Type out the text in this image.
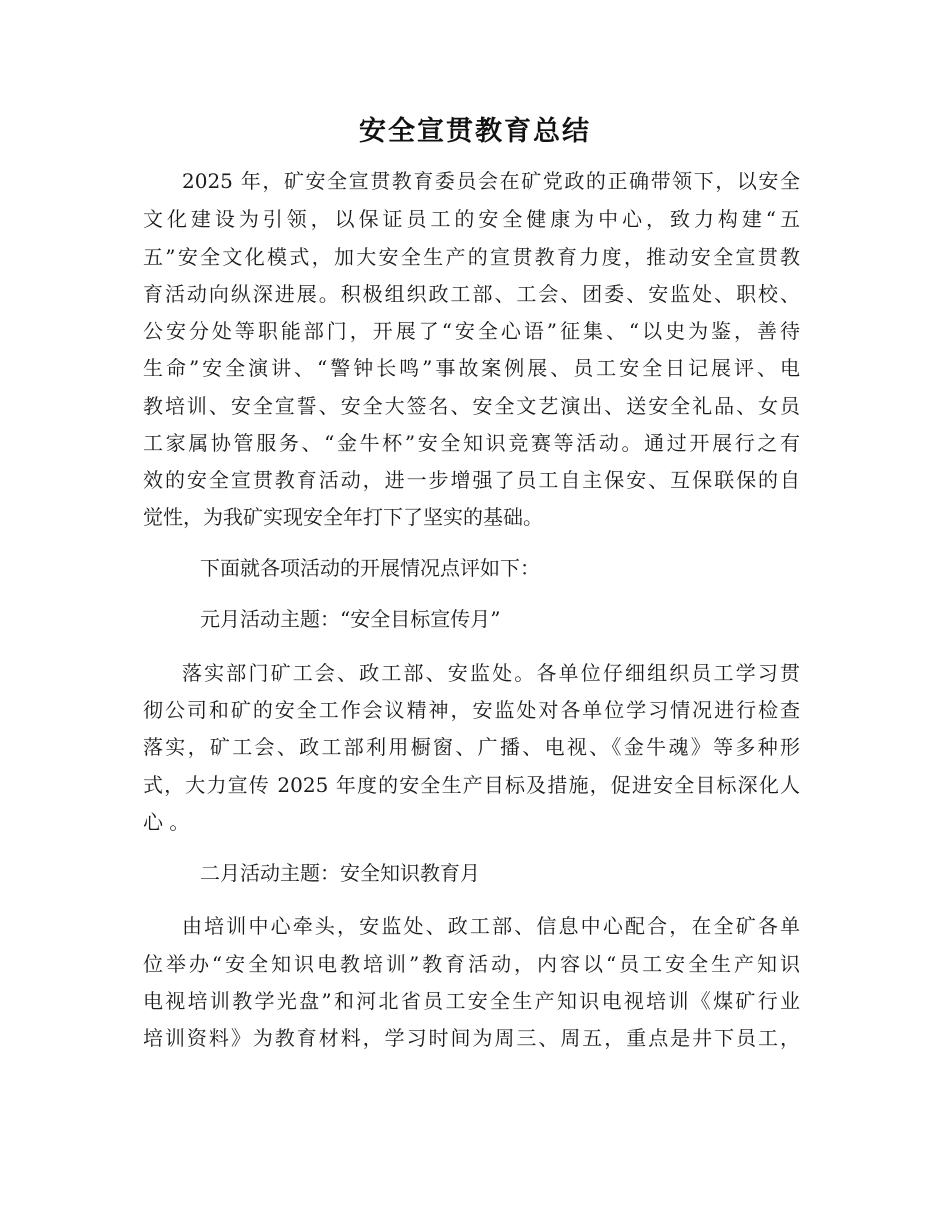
安全宣贯教育总结
2025 年，矿安全宣贯教育委员会在矿党政的正确带领下，以安全
文化建设为引领，以保证员工的安全健康为中心，致力构建“五
五”安全文化模式，加大安全生产的宣贯教育力度，推动安全宣贯教
育活动向纵深进展。积极组织政工部、工会、团委、安监处、职校、
公安分处等职能部门，开展了“安全心语”征集、“以史为鉴，善待
生命”安全演讲、“警钟长鸣”事故案例展、员工安全日记展评、电
教培训、安全宣誓、安全大签名、安全文艺演出、送安全礼品、女员
工家属协管服务、“金牛杯”安全知识竞赛等活动。通过开展行之有
效的安全宣贯教育活动，进一步增强了员工自主保安、互保联保的自
觉性，为我矿实现安全年打下了坚实的基础。
下面就各项活动的开展情况点评如下：
元月活动主题：“安全目标宣传月”
落实部门矿工会、政工部、安监处。各单位仔细组织员工学习贯
彻公司和矿的安全工作会议精神，安监处对各单位学习情况进行检查
落实，矿工会、政工部利用橱窗、广播、电视、《金牛魂》等多种形
式，大力宣传 2025 年度的安全生产目标及措施，促进安全目标深化人
心 。
二月活动主题：安全知识教育月
由培训中心牵头，安监处、政工部、信息中心配合，在全矿各单
位举办“安全知识电教培训”教育活动，内容以“员工安全生产知识
电视培训教学光盘”和河北省员工安全生产知识电视培训《煤矿行业
培训资料》为教育材料，学习时间为周三、周五，重点是井下员工，
